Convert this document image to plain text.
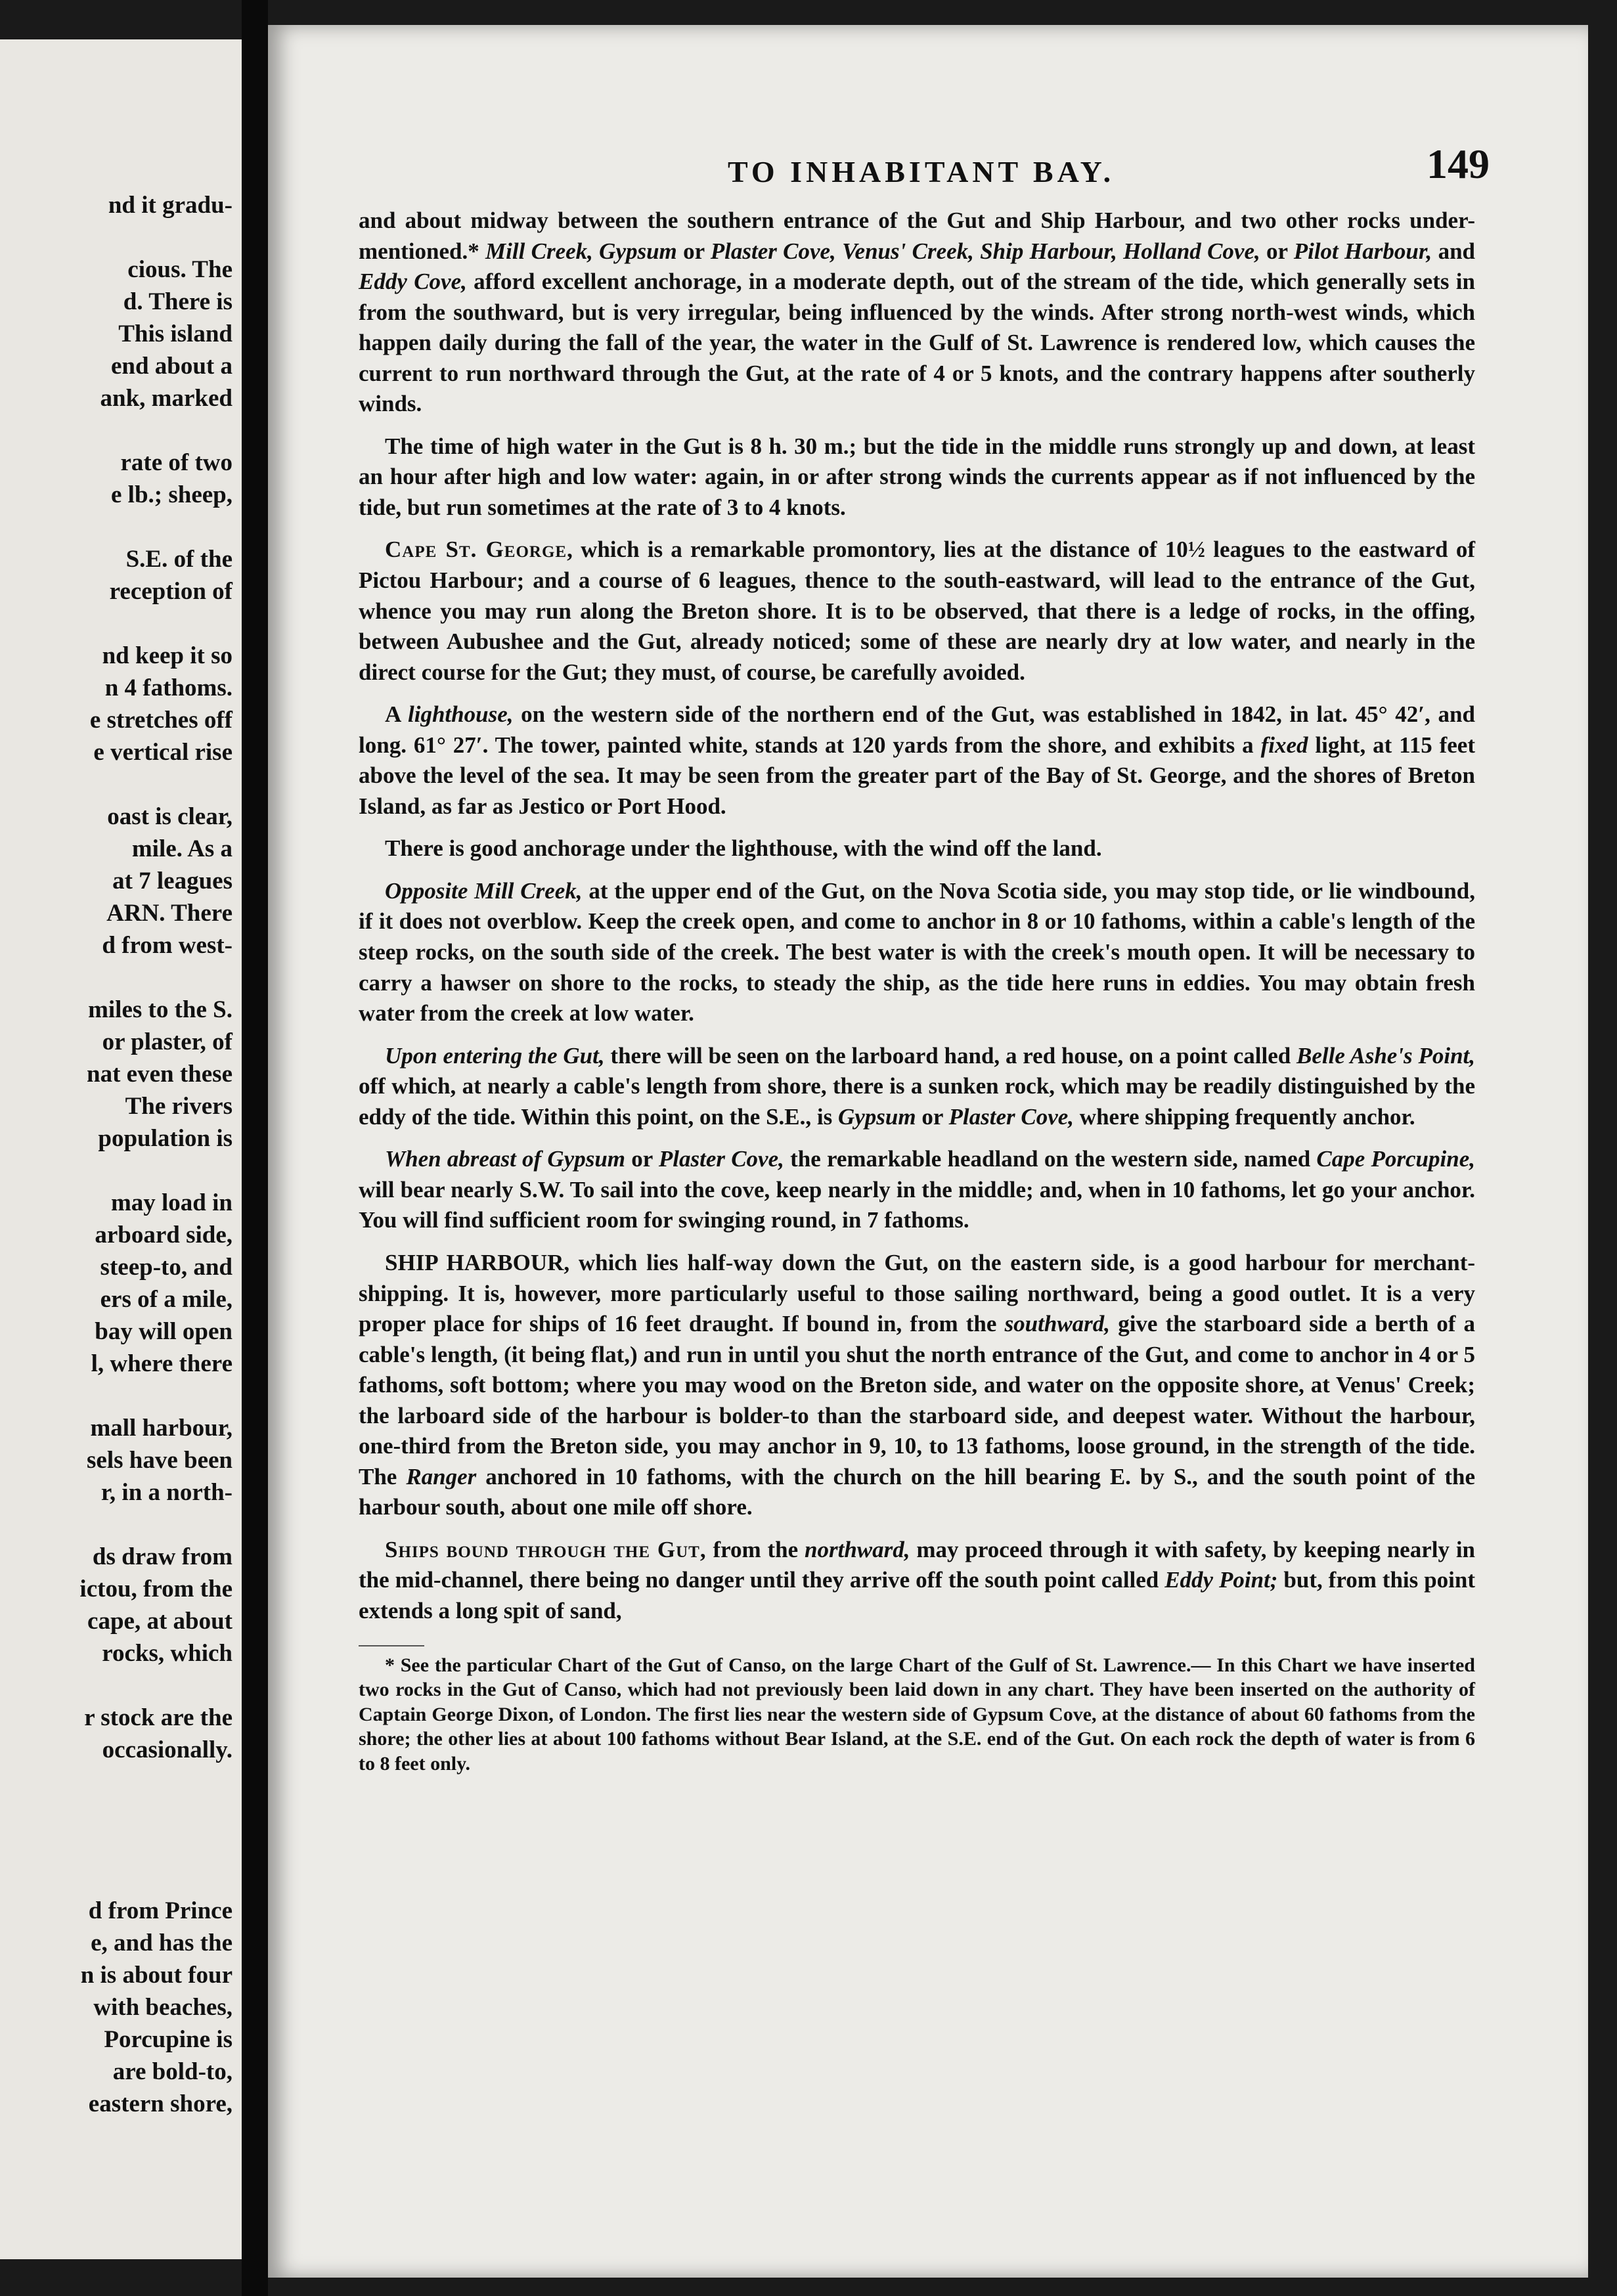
nd it gradu-
cious. The
d. There is
This island
end about a
ank, marked
rate of two
e lb.; sheep,
S.E. of the
reception of
nd keep it so
n 4 fathoms.
e stretches off
e vertical rise
oast is clear,
mile. As a
at 7 leagues
ARN. There
d from west-
miles to the S.
or plaster, of
nat even these
The rivers
population is
may load in
arboard side,
steep-to, and
ers of a mile,
bay will open
l, where there
mall harbour,
sels have been
r, in a north-
ds draw from
ictou, from the
cape, at about
rocks, which
r stock are the
occasionally.
d from Prince
e, and has the
n is about four
with beaches,
Porcupine is
are bold-to,
eastern shore,
TO INHABITANT BAY.	149

and about midway between the southern entrance of the Gut and Ship Harbour, and two other rocks under-mentioned.* Mill Creek, Gypsum or Plaster Cove, Venus' Creek, Ship Harbour, Holland Cove, or Pilot Harbour, and Eddy Cove, afford excellent anchorage, in a moderate depth, out of the stream of the tide, which generally sets in from the southward, but is very irregular, being influenced by the winds. After strong north-west winds, which happen daily during the fall of the year, the water in the Gulf of St. Lawrence is rendered low, which causes the current to run northward through the Gut, at the rate of 4 or 5 knots, and the contrary happens after southerly winds.

The time of high water in the Gut is 8 h. 30 m.; but the tide in the middle runs strongly up and down, at least an hour after high and low water: again, in or after strong winds the currents appear as if not influenced by the tide, but run sometimes at the rate of 3 to 4 knots.

Cape St. George, which is a remarkable promontory, lies at the distance of 10½ leagues to the eastward of Pictou Harbour; and a course of 6 leagues, thence to the south-eastward, will lead to the entrance of the Gut, whence you may run along the Breton shore. It is to be observed, that there is a ledge of rocks, in the offing, between Aubushee and the Gut, already noticed; some of these are nearly dry at low water, and nearly in the direct course for the Gut; they must, of course, be carefully avoided.

A lighthouse, on the western side of the northern end of the Gut, was established in 1842, in lat. 45° 42′, and long. 61° 27′. The tower, painted white, stands at 120 yards from the shore, and exhibits a fixed light, at 115 feet above the level of the sea. It may be seen from the greater part of the Bay of St. George, and the shores of Breton Island, as far as Jestico or Port Hood.

There is good anchorage under the lighthouse, with the wind off the land.

Opposite Mill Creek, at the upper end of the Gut, on the Nova Scotia side, you may stop tide, or lie windbound, if it does not overblow. Keep the creek open, and come to anchor in 8 or 10 fathoms, within a cable's length of the steep rocks, on the south side of the creek. The best water is with the creek's mouth open. It will be necessary to carry a hawser on shore to the rocks, to steady the ship, as the tide here runs in eddies. You may obtain fresh water from the creek at low water.

Upon entering the Gut, there will be seen on the larboard hand, a red house, on a point called Belle Ashe's Point, off which, at nearly a cable's length from shore, there is a sunken rock, which may be readily distinguished by the eddy of the tide. Within this point, on the S.E., is Gypsum or Plaster Cove, where shipping frequently anchor.

When abreast of Gypsum or Plaster Cove, the remarkable headland on the western side, named Cape Porcupine, will bear nearly S.W. To sail into the cove, keep nearly in the middle; and, when in 10 fathoms, let go your anchor. You will find sufficient room for swinging round, in 7 fathoms.

SHIP HARBOUR, which lies half-way down the Gut, on the eastern side, is a good harbour for merchant-shipping. It is, however, more particularly useful to those sailing northward, being a good outlet. It is a very proper place for ships of 16 feet draught. If bound in, from the southward, give the starboard side a berth of a cable's length, (it being flat,) and run in until you shut the north entrance of the Gut, and come to anchor in 4 or 5 fathoms, soft bottom; where you may wood on the Breton side, and water on the opposite shore, at Venus' Creek; the larboard side of the harbour is bolder-to than the starboard side, and deepest water. Without the harbour, one-third from the Breton side, you may anchor in 9, 10, to 13 fathoms, loose ground, in the strength of the tide. The Ranger anchored in 10 fathoms, with the church on the hill bearing E. by S., and the south point of the harbour south, about one mile off shore.

Ships bound through the Gut, from the northward, may proceed through it with safety, by keeping nearly in the mid-channel, there being no danger until they arrive off the south point called Eddy Point; but, from this point extends a long spit of sand,

* See the particular Chart of the Gut of Canso, on the large Chart of the Gulf of St. Lawrence.— In this Chart we have inserted two rocks in the Gut of Canso, which had not previously been laid down in any chart. They have been inserted on the authority of Captain George Dixon, of London. The first lies near the western side of Gypsum Cove, at the distance of about 60 fathoms from the shore; the other lies at about 100 fathoms without Bear Island, at the S.E. end of the Gut. On each rock the depth of water is from 6 to 8 feet only.
